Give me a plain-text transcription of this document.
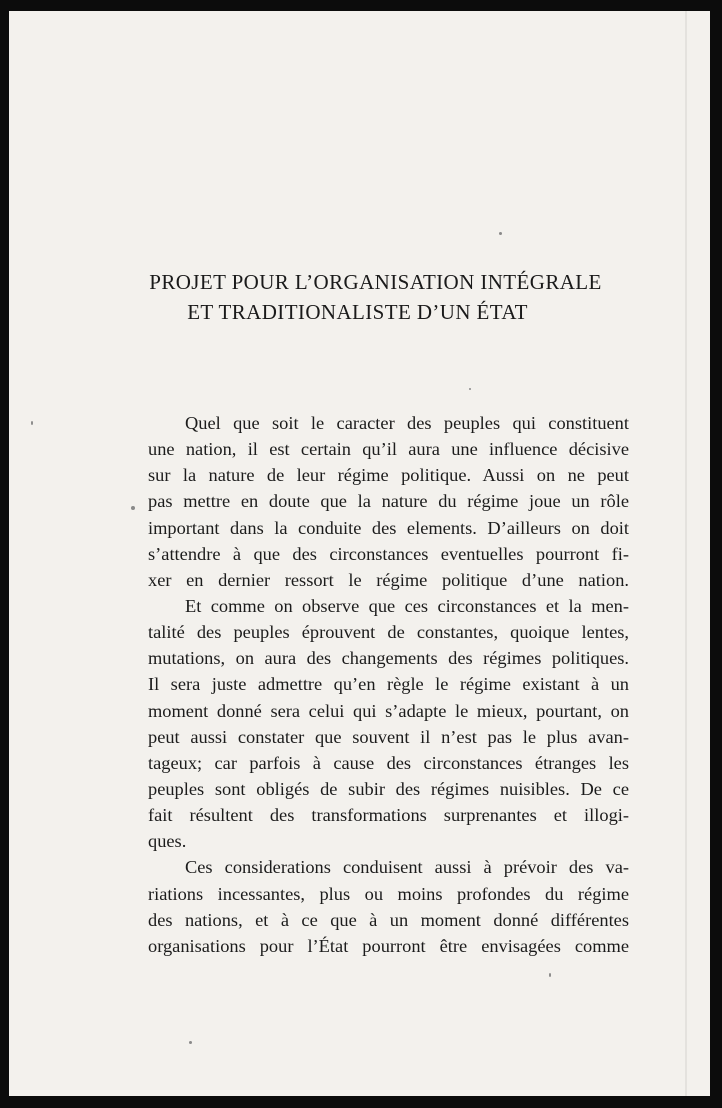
PROJET POUR L’ORGANISATION INTÉGRALE
ET TRADITIONALISTE D’UN ÉTAT

Quel que soit le caracter des peuples qui constituent
une nation, il est certain qu’il aura une influence décisive
sur la nature de leur régime politique. Aussi on ne peut
pas mettre en doute que la nature du régime joue un rôle
important dans la conduite des elements. D’ailleurs on doit
s’attendre à que des circonstances eventuelles pourront fi-
xer en dernier ressort le régime politique d’une nation.

Et comme on observe que ces circonstances et la men-
talité des peuples éprouvent de constantes, quoique lentes,
mutations, on aura des changements des régimes politiques.
Il sera juste admettre qu’en règle le régime existant à un
moment donné sera celui qui s’adapte le mieux, pourtant, on
peut aussi constater que souvent il n’est pas le plus avan-
tageux; car parfois à cause des circonstances étranges les
peuples sont obligés de subir des régimes nuisibles. De ce
fait résultent des transformations surprenantes et illogi-
ques.

Ces considerations conduisent aussi à prévoir des va-
riations incessantes, plus ou moins profondes du régime
des nations, et à ce que à un moment donné différentes
organisations pour l’État pourront être envisagées comme
